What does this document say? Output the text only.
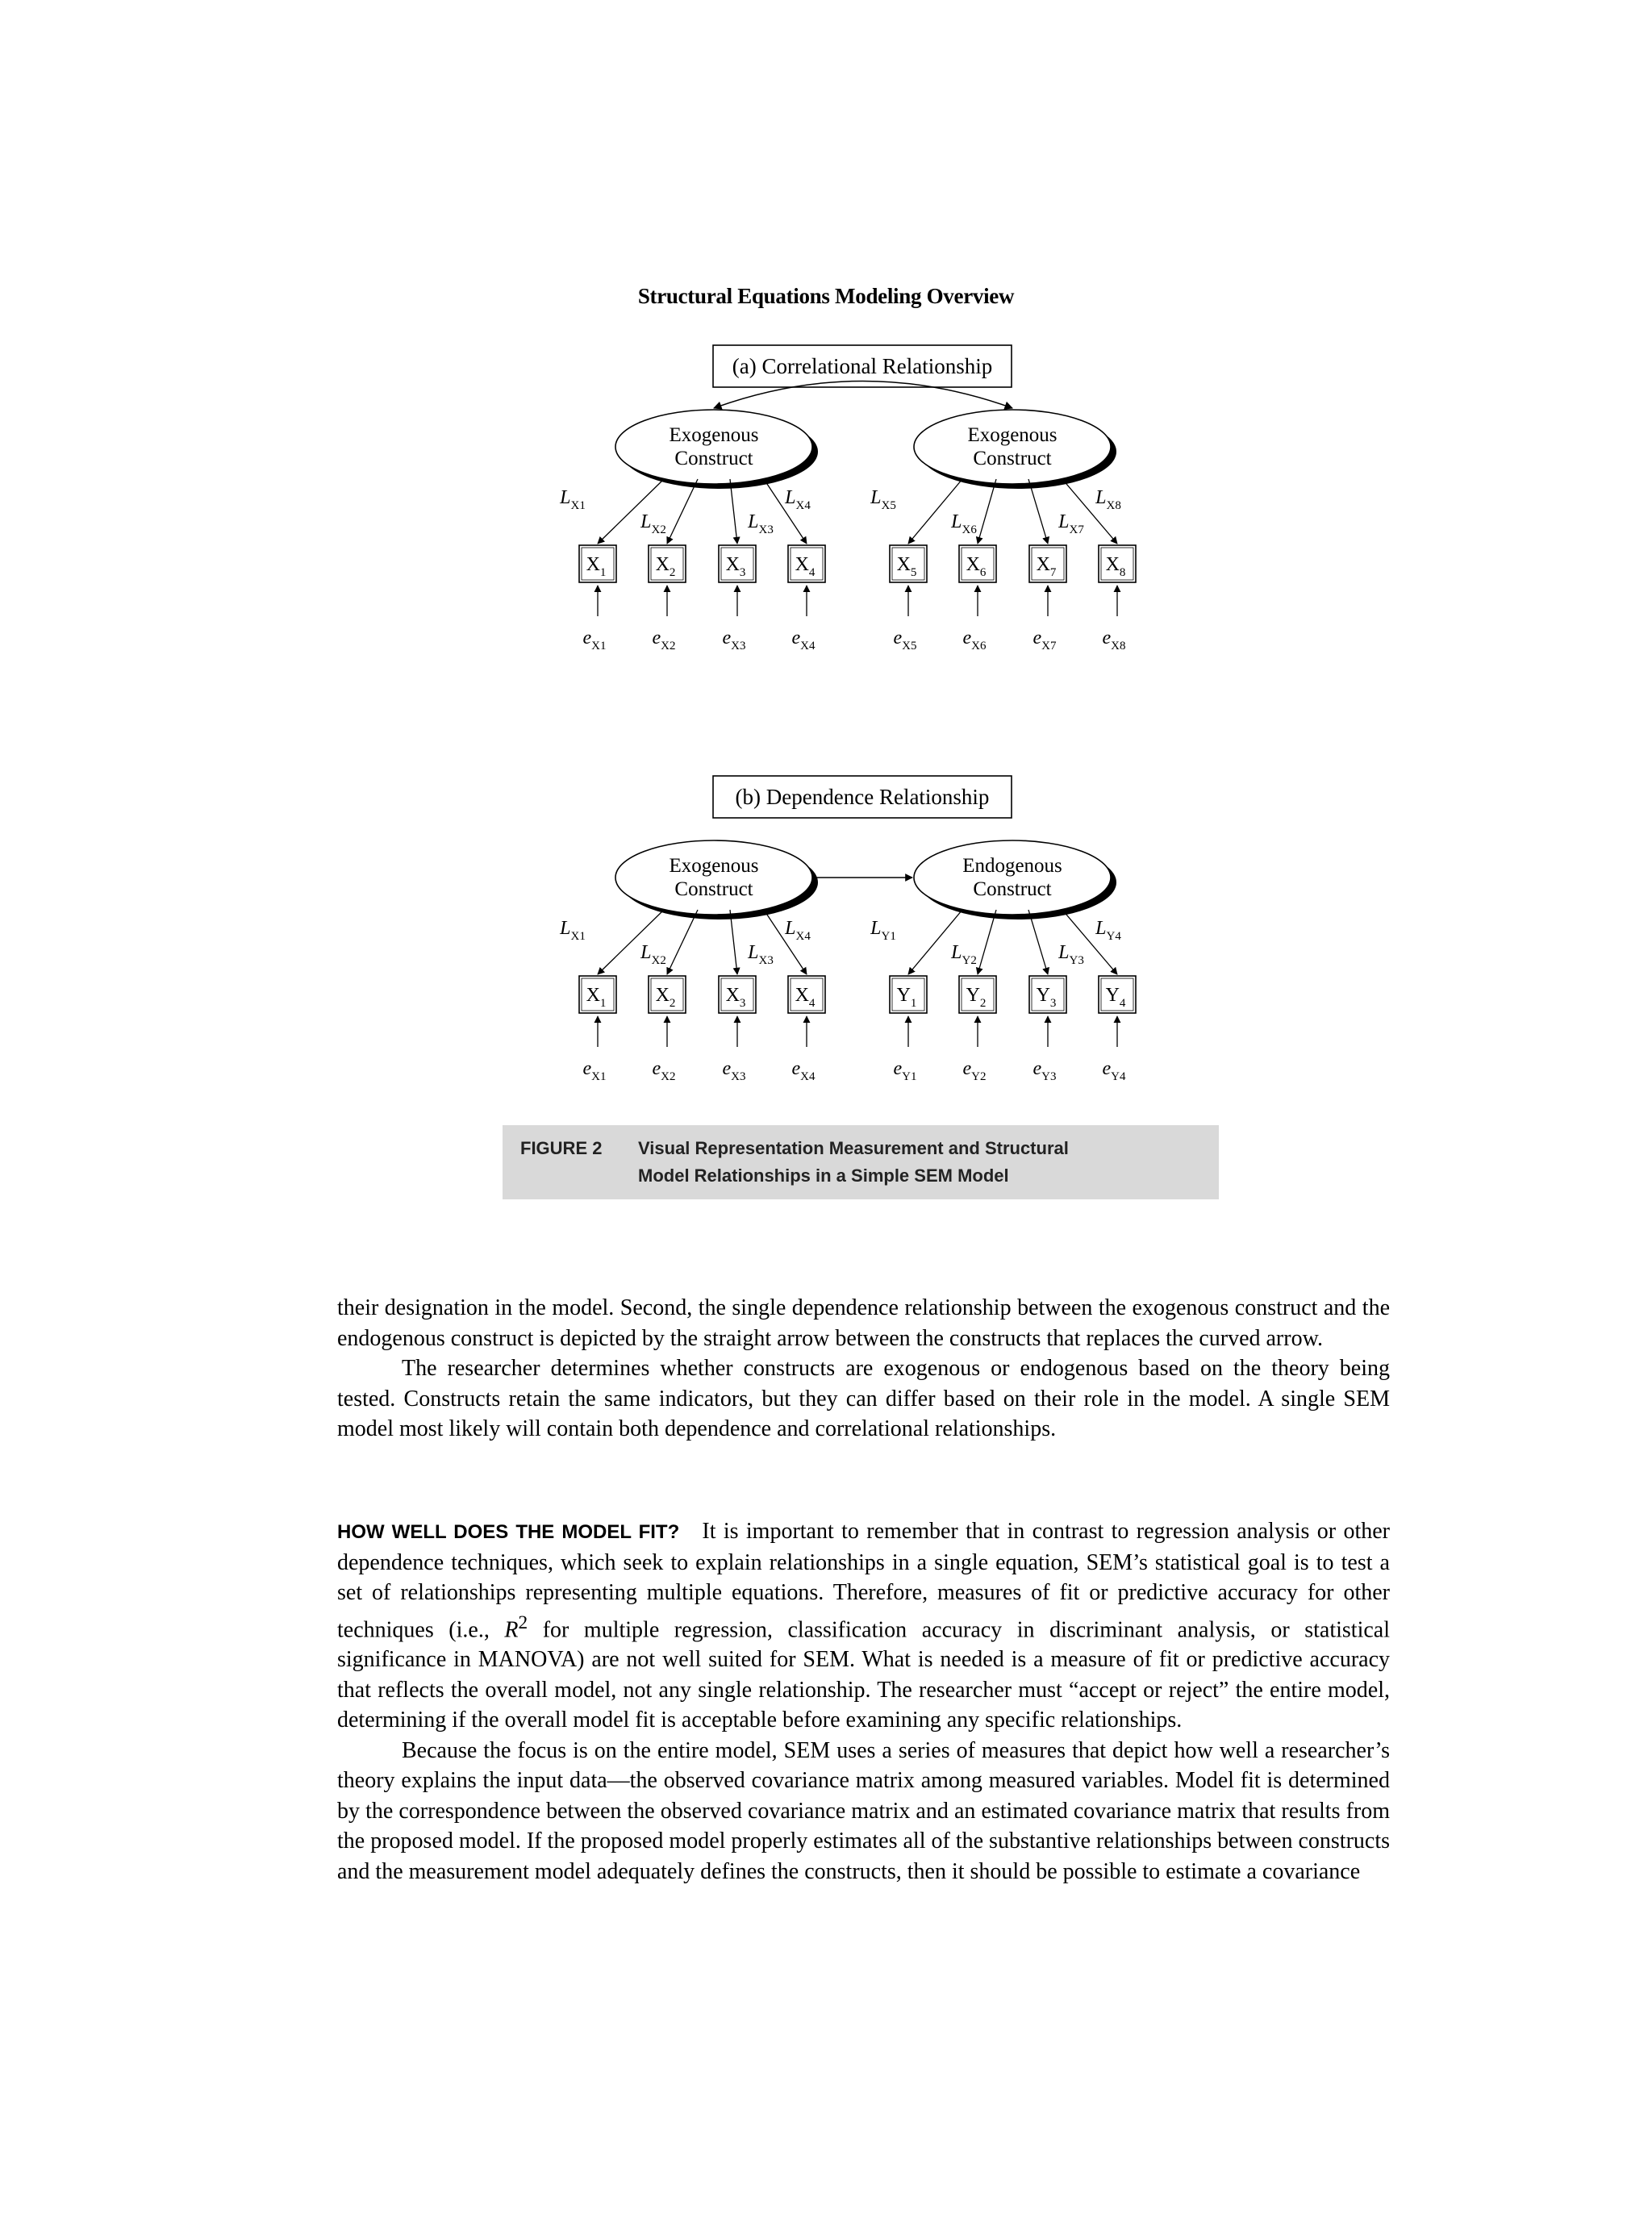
Structural Equations Modeling Overview
(a) Correlational Relationship
Exogenous
Construct
Exogenous
Construct
$X_1$
$L_{X1}$
$e_{X1}$
$X_2$
$L_{X2}$
$e_{X2}$
$X_3$
$L_{X3}$
$e_{X3}$
$X_4$
$L_{X4}$
$e_{X4}$
$X_5$
$L_{X5}$
$e_{X5}$
$X_6$
$L_{X6}$
$e_{X6}$
$X_7$
$L_{X7}$
$e_{X7}$
$X_8$
$L_{X8}$
$e_{X8}$
(b) Dependence Relationship
Exogenous
Construct
Endogenous
Construct
$X_1$
$L_{X1}$
$e_{X1}$
$X_2$
$L_{X2}$
$e_{X2}$
$X_3$
$L_{X3}$
$e_{X3}$
$X_4$
$L_{X4}$
$e_{X4}$
$Y_1$
$L_{Y1}$
$e_{Y1}$
$Y_2$
$L_{Y2}$
$e_{Y2}$
$Y_3$
$L_{Y3}$
$e_{Y3}$
$Y_4$
$L_{Y4}$
$e_{Y4}$
FIGURE 2 Visual Representation Measurement and Structural
Model Relationships in a Simple SEM Model

their designation in the model. Second, the single dependence relationship between the exogenous construct and the endogenous construct is depicted by the straight arrow between the constructs that replaces the curved arrow.

The researcher determines whether constructs are exogenous or endogenous based on the theory being tested. Constructs retain the same indicators, but they can differ based on their role in the model. A single SEM model most likely will contain both dependence and correlational relationships.

HOW WELL DOES THE MODEL FIT? It is important to remember that in contrast to regression analysis or other dependence techniques, which seek to explain relationships in a single equation, SEM’s statistical goal is to test a set of relationships representing multiple equations. Therefore, measures of fit or predictive accuracy for other techniques (i.e., $R^2$ for multiple regression, classification accuracy in discriminant analysis, or statistical significance in MANOVA) are not well suited for SEM. What is needed is a measure of fit or predictive accuracy that reflects the overall model, not any single relationship. The researcher must “accept or reject” the entire model, determining if the overall model fit is acceptable before examining any specific relationships.

Because the focus is on the entire model, SEM uses a series of measures that depict how well a researcher’s theory explains the input data—the observed covariance matrix among measured variables. Model fit is determined by the correspondence between the observed covariance matrix and an estimated covariance matrix that results from the proposed model. If the proposed model properly estimates all of the substantive relationships between constructs and the measurement model adequately defines the constructs, then it should be possible to estimate a covariance
